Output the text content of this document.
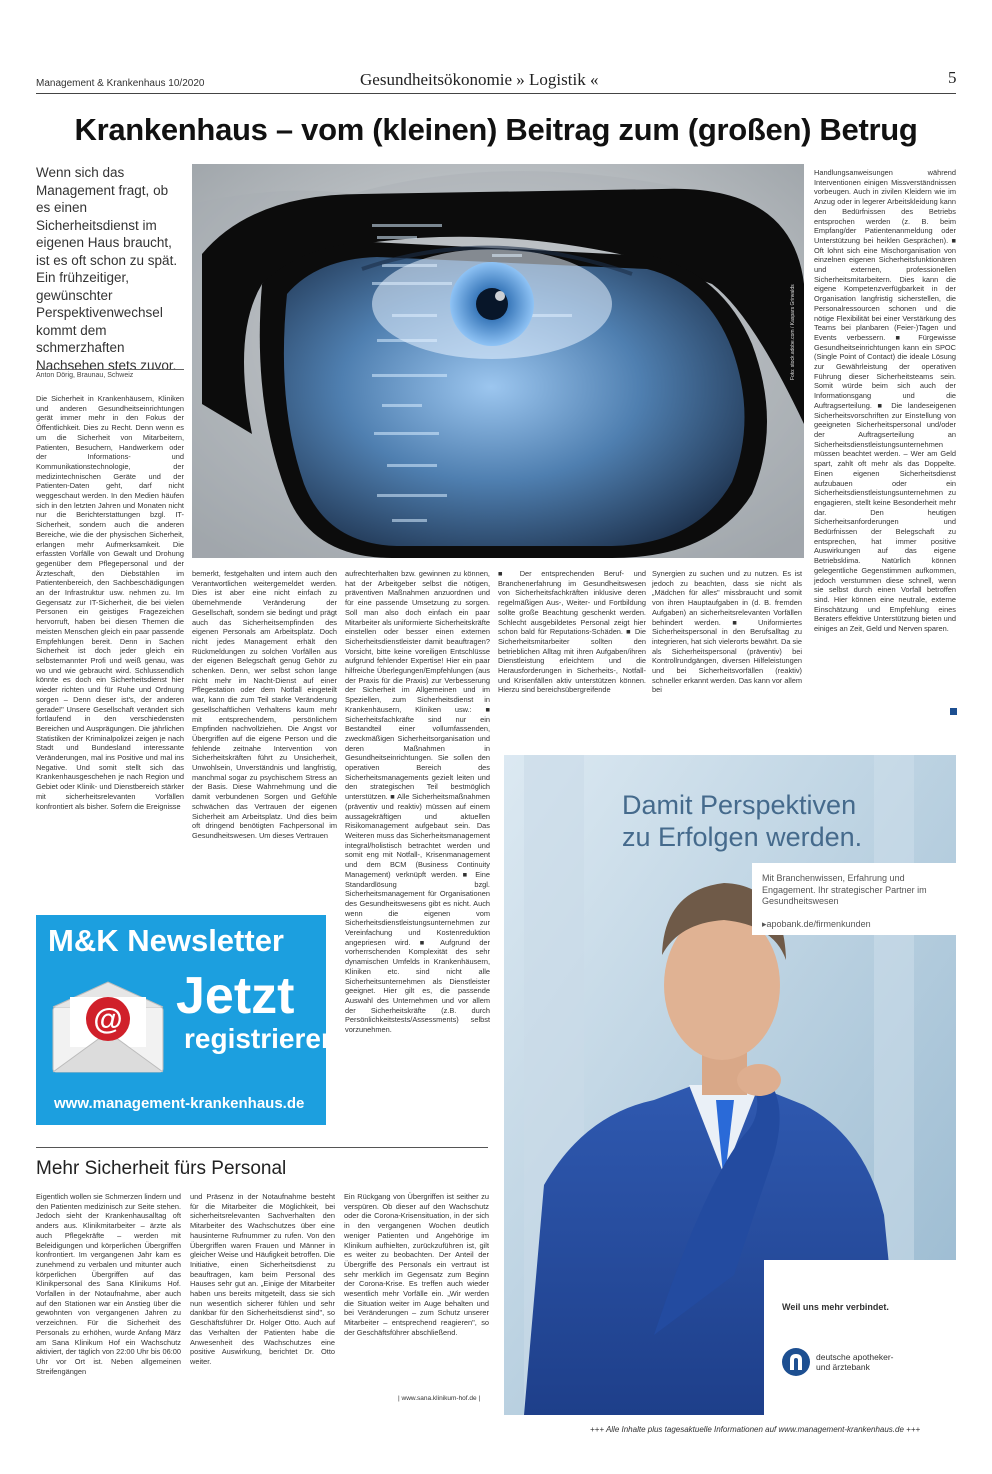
Management & Krankenhaus 10/2020	Gesundheitsökonomie » Logistik «	5
Krankenhaus – vom (kleinen) Beitrag zum (großen) Betrug
Wenn sich das Management fragt, ob es einen Sicherheitsdienst im eigenen Haus braucht, ist es oft schon zu spät. Ein frühzeitiger, gewünschter Perspektivenwechsel kommt dem schmerzhaften Nachsehen stets zuvor.
Anton Dörig, Braunau, Schweiz	Foto: stock.adobe.com / Kaspars Grinvalds
Die Sicherheit in Krankenhäusern, Kliniken und anderen Gesundheitseinrichtungen gerät immer mehr in den Fokus der Öffentlichkeit. Dies zu Recht. Denn wenn es um die Sicherheit von Mitarbeitern, Patienten, Besuchern, Handwerkern oder der Informations- und Kommunikationstechnologie, der medizintechnischen Geräte und der Patienten-Daten geht, darf nicht weggeschaut werden. In den Medien häufen sich in den letzten Jahren und Monaten nicht nur die Berichterstattungen bzgl. IT-Sicherheit, sondern auch die anderen Bereiche, wie die der physischen Sicherheit, erlangen mehr Aufmerksamkeit. Die erfassten Vorfälle von Gewalt und Drohung gegenüber dem Pflegepersonal und der Ärzteschaft, den Diebstählen im Patientenbereich, den Sachbeschädigungen an der Infrastruktur usw. nehmen zu. Im Gegensatz zur IT-Sicherheit, die bei vielen Personen ein geistiges Fragezeichen hervorruft, haben bei diesen Themen die meisten Menschen gleich ein paar passende Empfehlungen bereit. Denn in Sachen Sicherheit ist doch jeder gleich ein selbsternannter Profi und weiß genau, was wo und wie gebraucht wird. Schlussendlich könnte es doch ein Sicherheitsdienst hier wieder richten und für Ruhe und Ordnung sorgen – Denn dieser ist's, der anderen gerade!" Unsere Gesellschaft verändert sich fortlaufend in den verschiedensten Bereichen und Ausprägungen. Die jährlichen Statistiken der Kriminalpolizei zeigen je nach Stadt und Bundesland interessante Veränderungen, mal ins Positive und mal ins Negative. Und somit stellt sich das Krankenhausgeschehen je nach Region und Gebiet oder Klinik- und Dienstbereich stärker mit sicherheitsrelevanten Vorfällen konfrontiert als bisher. Sofern die Ereignisse
bemerkt, festgehalten und intern auch den Verantwortlichen weitergemeldet werden. Dies ist aber eine nicht einfach zu übernehmende Veränderung der Gesellschaft, sondern sie bedingt und prägt auch das Sicherheitsempfinden des eigenen Personals am Arbeitsplatz. Doch nicht jedes Management erhält den Rückmeldungen zu solchen Vorfällen aus der eigenen Belegschaft genug Gehör zu schenken. Denn, wer selbst schon lange nicht mehr im Nacht-Dienst auf einer Pflegestation oder dem Notfall eingeteilt war, kann die zum Teil starke Veränderung gesellschaftlichen Verhaltens kaum mehr mit entsprechendem, persönlichem Empfinden nachvollziehen. Die Angst vor Übergriffen auf die eigene Person und die fehlende zeitnahe Intervention von Sicherheitskräften führt zu Unsicherheit, Unwohlsein, Unverständnis und langfristig, manchmal sogar zu psychischem Stress an der Basis. Diese Wahrnehmung und die damit verbundenen Sorgen und Gefühle schwächen das Vertrauen der eigenen Sicherheit am Arbeitsplatz. Und dies beim oft dringend benötigten Fachpersonal im Gesundheitswesen. Um dieses Vertrauen
aufrechterhalten bzw. gewinnen zu können, hat der Arbeitgeber selbst die nötigen, präventiven Maßnahmen anzuordnen und für eine passende Umsetzung zu sorgen. Soll man also doch einfach ein paar Mitarbeiter als uniformierte Sicherheitskräfte einstellen oder besser einen externen Sicherheitsdienstleister damit beauftragen? Vorsicht, bitte keine voreiligen Entschlüsse aufgrund fehlender Expertise! Hier ein paar hilfreiche Überlegungen/Empfehlungen (aus der Praxis für die Praxis) zur Verbesserung der Sicherheit im Allgemeinen und im Speziellen, zum Sicherheitsdienst in Krankenhäusern, Kliniken usw.: ■ Sicherheitsfachkräfte sind nur ein Bestandteil einer vollumfassenden, zweckmäßigen Sicherheitsorganisation und deren Maßnahmen in Gesundheitseinrichtungen. Sie sollen den operativen Bereich des Sicherheitsmanagements gezielt leiten und den strategischen Teil bestmöglich unterstützen. ■ Alle Sicherheitsmaßnahmen (präventiv und reaktiv) müssen auf einem aussagekräftigen und aktuellen Risikomanagement aufgebaut sein. Das Weiteren muss das Sicherheitsmanagement integral/holistisch betrachtet werden und somit eng mit Notfall-, Krisenmanagement und dem BCM (Business Continuity Management) verknüpft werden. ■ Eine Standardlösung bzgl. Sicherheitsmanagement für Organisationen des Gesundheitswesens gibt es nicht. Auch wenn die eigenen vom Sicherheitsdienstleistungsunternehmen zur Vereinfachung und Kostenreduktion angepriesen wird. ■ Aufgrund der vorherrschenden Komplexität des sehr dynamischen Umfelds in Krankenhäusern, Kliniken etc. sind nicht alle Sicherheitsunternehmen als Dienstleister geeignet. Hier gilt es, die passende Auswahl des Unternehmen und vor allem der Sicherheitskräfte (z.B. durch Persönlichkeitstests/Assessments) selbst vorzunehmen.
■ Der entsprechenden Beruf- und Branchenerfahrung im Gesundheitswesen von Sicherheitsfachkräften inklusive deren regelmäßigen Aus-, Weiter- und Fortbildung sollte große Beachtung geschenkt werden. Schlecht ausgebildetes Personal zeigt hier schon bald für Reputations-Schäden. ■ Die Sicherheitsmitarbeiter sollten den betrieblichen Alltag mit ihren Aufgaben/ihren Dienstleistung erleichtern und die Herausforderungen in Sicherheits-, Notfall- und Krisenfällen aktiv unterstützen können. Hierzu sind bereichsübergreifende
Synergien zu suchen und zu nutzen. Es ist jedoch zu beachten, dass sie nicht als „Mädchen für alles" missbraucht und somit von ihren Hauptaufgaben in (d. B. fremden Aufgaben) an sicherheitsrelevanten Vorfällen behindert werden. ■ Uniformiertes Sicherheitspersonal in den Berufsalltag zu integrieren, hat sich vielerorts bewährt. Da sie als Sicherheitspersonal (präventiv) bei Kontrollrundgängen, diversen Hilfeleistungen und bei Sicherheitsvorfällen (reaktiv) schneller erkannt werden. Das kann vor allem bei
Handlungsanweisungen während Interventionen einigen Missverständnissen vorbeugen. Auch in zivilen Kleidern wie im Anzug oder in legerer Arbeitskleidung kann den Bedürfnissen des Betriebs entsprochen werden (z. B. beim Empfang/der Patientenanmeldung oder Unterstützung bei heiklen Gesprächen). ■ Oft lohnt sich eine Mischorganisation von einzelnen eigenen Sicherheitsfunktionären und externen, professionellen Sicherheitsmitarbeitern. Dies kann die eigene Kompetenzverfügbarkeit in der Organisation langfristig sicherstellen, die Personalressourcen schonen und die nötige Flexibilität bei einer Verstärkung des Teams bei planbaren (Feier-)Tagen und Events verbessern. ■ Fürgewisse Gesundheitseinrichtungen kann ein SPOC (Single Point of Contact) die ideale Lösung zur Gewährleistung der operativen Führung dieser Sicherheitsteams sein. Somit würde beim sich auch der Informationsgang und die Auftragserteilung. ■ Die landeseigenen Sicherheitsvorschriften zur Einstellung von geeigneten Sicherheitspersonal und/oder der Auftragserteilung an Sicherheitsdienstleistungsunternehmen müssen beachtet werden. – Wer am Geld spart, zahlt oft mehr als das Doppelte. Einen eigenen Sicherheitsdienst aufzubauen oder ein Sicherheitsdienstleistungsunternehmen zu engagieren, stellt keine Besonderheit mehr dar. Den heutigen Sicherheitsanforderungen und Bedürfnissen der Belegschaft zu entsprechen, hat immer positive Auswirkungen auf das eigene Betriebsklima. Natürlich können gelegentliche Gegenstimmen aufkommen, jedoch verstummen diese schnell, wenn sie selbst durch einen Vorfall betroffen sind. Hier können eine neutrale, externe Einschätzung und Empfehlung eines Beraters effektive Unterstützung bieten und einiges an Zeit, Geld und Nerven sparen.
M&K Newsletter
@ Jetzt
registrieren!
www.management-krankenhaus.de
Mehr Sicherheit fürs Personal
Eigentlich wollen sie Schmerzen lindern und den Patienten medizinisch zur Seite stehen. Jedoch sieht der Krankenhausalltag oft anders aus. Klinikmitarbeiter – ärzte als auch Pflegekräfte – werden mit Beleidigungen und körperlichen Übergriffen konfrontiert. Im vergangenen Jahr kam es zunehmend zu verbalen und mitunter auch körperlichen Übergriffen auf das Klinikpersonal des Sana Klinikums Hof. Vorfallen in der Notaufnahme, aber auch auf den Stationen war ein Anstieg über die gewohnten von vergangenen Jahren zu verzeichnen. Für die Sicherheit des Personals zu erhöhen, wurde Anfang März am Sana Klinikum Hof ein Wachschutz aktiviert, der täglich von 22:00 Uhr bis 06:00 Uhr vor Ort ist. Neben allgemeinen Streifengängen
und Präsenz in der Notaufnahme besteht für die Mitarbeiter die Möglichkeit, bei sicherheitsrelevanten Sachverhalten den Mitarbeiter des Wachschutzes über eine hausinterne Rufnummer zu rufen. Von den Übergriffen waren Frauen und Männer in gleicher Weise und Häufigkeit betroffen. Die Initiative, einen Sicherheitsdienst zu beauftragen, kam beim Personal des Hauses sehr gut an. „Einige der Mitarbeiter haben uns bereits mitgeteilt, dass sie sich nun wesentlich sicherer fühlen und sehr dankbar für den Sicherheitsdienst sind", so Geschäftsführer Dr. Holger Otto. Auch auf das Verhalten der Patienten habe die Anwesenheit des Wachschutzes eine positive Auswirkung, berichtet Dr. Otto weiter.
Ein Rückgang von Übergriffen ist seither zu verspüren. Ob dieser auf den Wachschutz oder die Corona-Krisensituation, in der sich in den vergangenen Wochen deutlich weniger Patienten und Angehörige im Klinikum aufhielten, zurückzuführen ist, gilt es weiter zu beobachten. Der Anteil der Übergriffe des Personals ein vertraut ist sehr merklich im Gegensatz zum Beginn der Corona-Krise. Es treffen auch wieder wesentlich mehr Vorfälle ein. „Wir werden die Situation weiter im Auge behalten und bei Veränderungen – zum Schutz unserer Mitarbeiter – entsprechend reagieren", so der Geschäftsführer abschließend.
| www.sana.klinikum-hof.de |
Damit Perspektiven
zu Erfolgen werden.
Mit Branchenwissen, Erfahrung und Engagement. Ihr strategischer Partner im Gesundheitswesen
▸apobank.de/firmenkunden
Weil uns mehr verbindet.
deutsche apotheker-
und ärztebank
+++ Alle Inhalte plus tagesaktuelle Informationen auf www.management-krankenhaus.de +++
